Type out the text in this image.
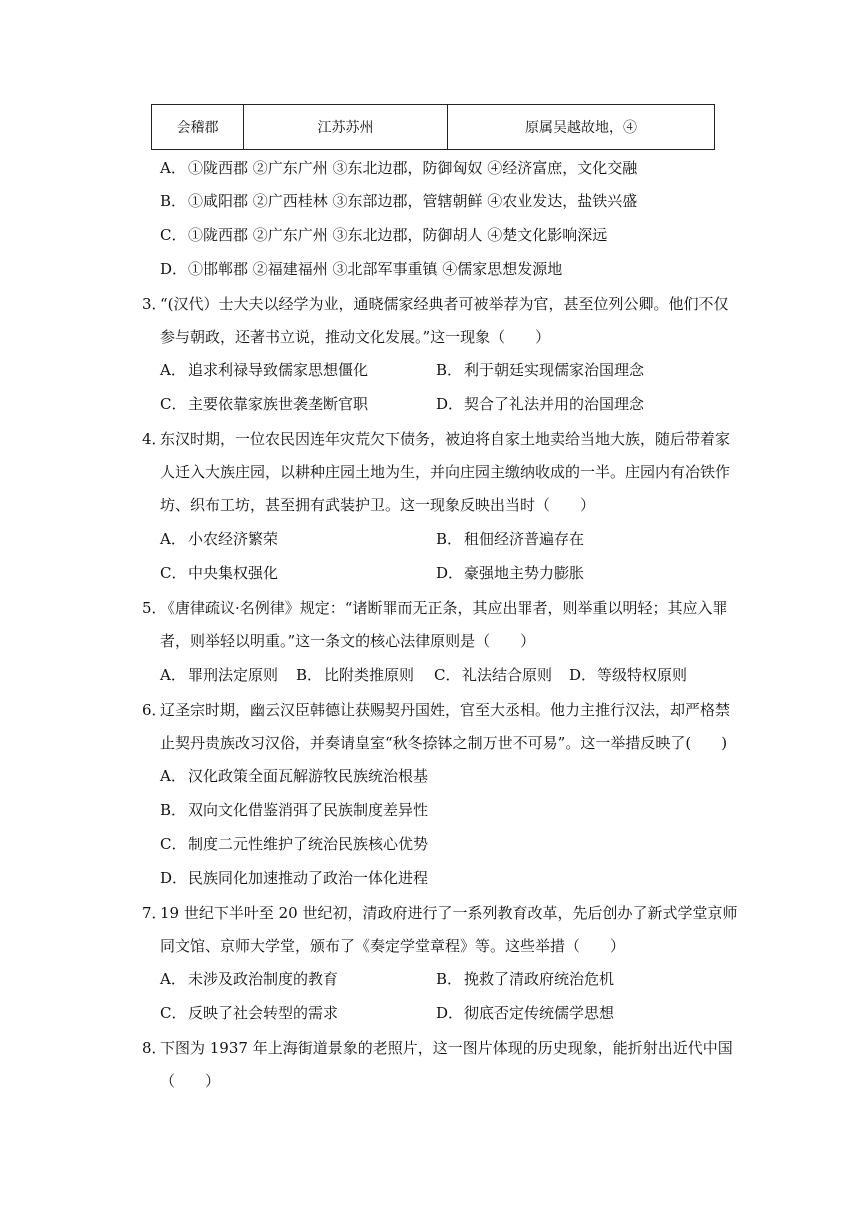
会稽郡	江苏苏州	原属吴越故地，④
A． ①陇西郡 ②广东广州 ③东北边郡，防御匈奴 ④经济富庶，文化交融
B． ①咸阳郡 ②广西桂林 ③东部边郡，管辖朝鲜 ④农业发达，盐铁兴盛
C． ①陇西郡 ②广东广州 ③东北边郡，防御胡人 ④楚文化影响深远
D．①邯郸郡 ②福建福州 ③北部军事重镇 ④儒家思想发源地
3．
“(汉代）士大夫以经学为业，通晓儒家经典者可被举荐为官，甚至位列公卿。他们不仅
参与朝政，还著书立说，推动文化发展。”这一现象（　　）
A． 追求利禄导致儒家思想僵化	B． 利于朝廷实现儒家治国理念
C． 主要依靠家族世袭垄断官职	D．契合了礼法并用的治国理念
4．
东汉时期，一位农民因连年灾荒欠下债务，被迫将自家土地卖给当地大族，随后带着家
人迁入大族庄园，以耕种庄园土地为生，并向庄园主缴纳收成的一半。庄园内有冶铁作
坊、织布工坊，甚至拥有武装护卫。这一现象反映出当时（　　）
A． 小农经济繁荣	B． 租佃经济普遍存在
C． 中央集权强化	D．豪强地主势力膨胀
5．
《唐律疏议·名例律》规定：“诸断罪而无正条，其应出罪者，则举重以明轻；其应入罪
者，则举轻以明重。”这一条文的核心法律原则是（　　）
A． 罪刑法定原则 B． 比附类推原则 C． 礼法结合原则 D．等级特权原则
6．
辽圣宗时期，幽云汉臣韩德让获赐契丹国姓，官至大丞相。他力主推行汉法，却严格禁
止契丹贵族改习汉俗，并奏请皇室“秋冬捺钵之制万世不可易”。这一举措反映了(　　)
A． 汉化政策全面瓦解游牧民族统治根基
B． 双向文化借鉴消弭了民族制度差异性
C． 制度二元性维护了统治民族核心优势
D．民族同化加速推动了政治一体化进程
7．
19 世纪下半叶至 20 世纪初，清政府进行了一系列教育改革，先后创办了新式学堂京师
同文馆、京师大学堂，颁布了《奏定学堂章程》等。这些举措（　　）
A． 未涉及政治制度的教育	B． 挽救了清政府统治危机
C． 反映了社会转型的需求	D．彻底否定传统儒学思想
8．
下图为 1937 年上海街道景象的老照片，这一图片体现的历史现象，能折射出近代中国
（　　）
